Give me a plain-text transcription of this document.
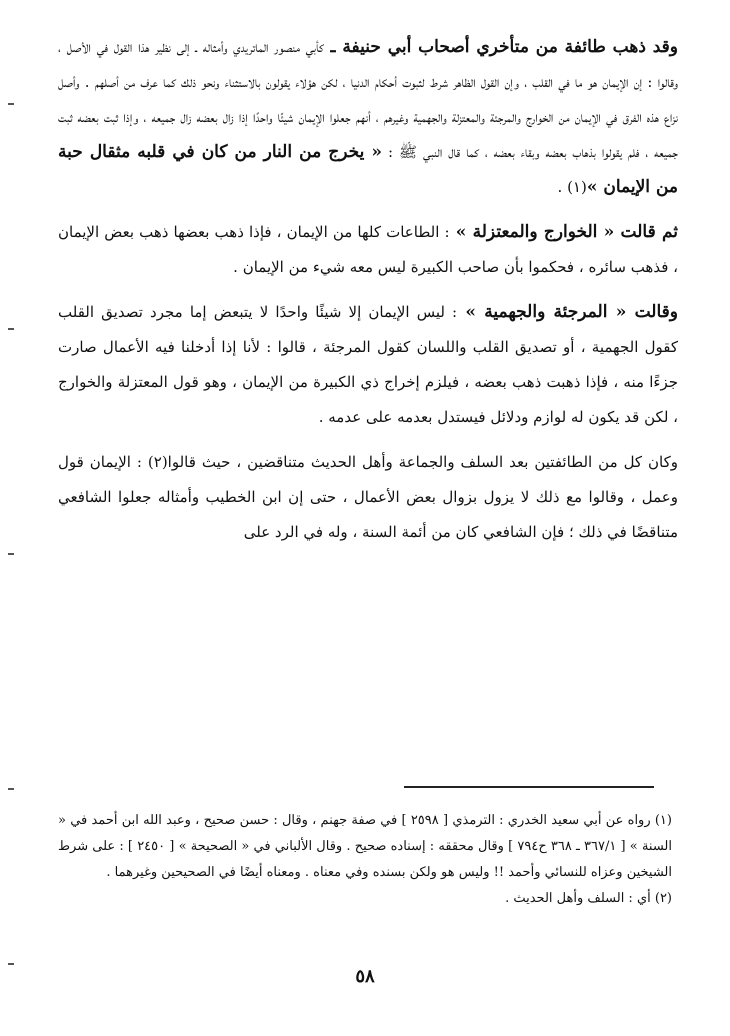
وقد ذهب طائفة من متأخري أصحاب أبي حنيفة ـ كأبي منصور الماتريدي وأمثاله ـ إلى نظير هذا القول في الأصل ، وقالوا : إن الإيمان هو ما في القلب ، وإن القول الظاهر شرط لثبوت أحكام الدنيا ، لكن هؤلاء يقولون بالاستثناء ونحو ذلك كما عرف من أصلهم . وأصل نزاع هذه الفرق في الإيمان من الخوارج والمرجئة والمعتزلة والجهمية وغيرهم ، أنهم جعلوا الإيمان شيئًا واحدًا إذا زال بعضه زال جميعه ، وإذا ثبت بعضه ثبت جميعه ، فلم يقولوا بذهاب بعضه وبقاء بعضه ، كما قال النبي ﷺ : « يخرج من النار من كان في قلبه مثقال حبة من الإيمان »(١) .

ثم قالت « الخوارج والمعتزلة » : الطاعات كلها من الإيمان ، فإذا ذهب بعضها ذهب بعض الإيمان ، فذهب سائره ، فحكموا بأن صاحب الكبيرة ليس معه شيء من الإيمان .

وقالت « المرجئة والجهمية » : ليس الإيمان إلا شيئًا واحدًا لا يتبعض إما مجرد تصديق القلب كقول الجهمية ، أو تصديق القلب واللسان كقول المرجئة ، قالوا : لأنا إذا أدخلنا فيه الأعمال صارت جزءًا منه ، فإذا ذهبت ذهب بعضه ، فيلزم إخراج ذي الكبيرة من الإيمان ، وهو قول المعتزلة والخوارج ، لكن قد يكون له لوازم ودلائل فيستدل بعدمه على عدمه .

وكان كل من الطائفتين بعد السلف والجماعة وأهل الحديث متناقضين ، حيث قالوا(٢) : الإيمان قول وعمل ، وقالوا مع ذلك لا يزول بزوال بعض الأعمال ، حتى إن ابن الخطيب وأمثاله جعلوا الشافعي متناقضًا في ذلك ؛ فإن الشافعي كان من أئمة السنة ، وله في الرد على

(١) رواه عن أبي سعيد الخدري : الترمذي [ ٢٥٩٨ ] في صفة جهنم ، وقال : حسن صحيح ، وعبد الله ابن أحمد في « السنة » [ ٣٦٧/١ ـ ٣٦٨ ح٧٩٤ ] وقال محققه : إسناده صحيح . وقال الألباني في « الصحيحة » [ ٢٤٥٠ ] : على شرط الشيخين وعزاه للنسائي وأحمد !! وليس هو ولكن بسنده وفي معناه . ومعناه أيضًا في الصحيحين وغيرهما .

(٢) أي : السلف وأهل الحديث .

٥٨
